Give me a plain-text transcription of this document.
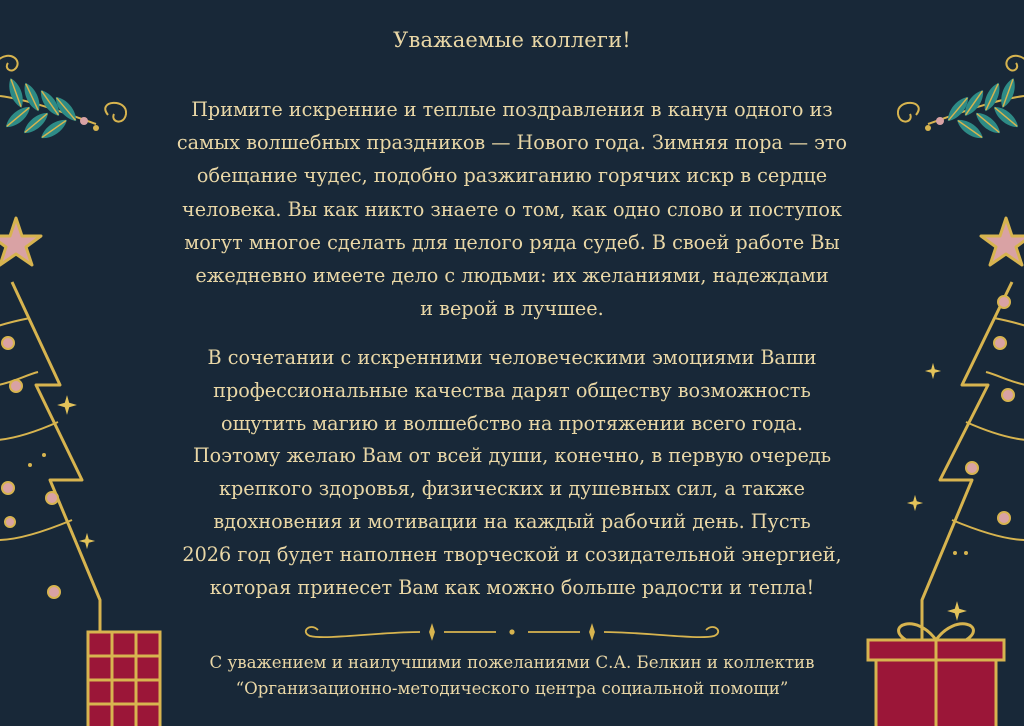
Уважаемые коллеги!
Примите искренние и теплые поздравления в канун одного из
самых волшебных праздников — Нового года. Зимняя пора — это
обещание чудес, подобно разжиганию горячих искр в сердце
человека. Вы как никто знаете о том, как одно слово и поступок
могут многое сделать для целого ряда судеб. В своей работе Вы
ежедневно имеете дело с людьми: их желаниями, надеждами
и верой в лучшее.
В сочетании с искренними человеческими эмоциями Ваши
профессиональные качества дарят обществу возможность
ощутить магию и волшебство на протяжении всего года.
Поэтому желаю Вам от всей души, конечно, в первую очередь
крепкого здоровья, физических и душевных сил, а также
вдохновения и мотивации на каждый рабочий день. Пусть
2026 год будет наполнен творческой и созидательной энергией,
которая принесет Вам как можно больше радости и тепла!
С уважением и наилучшими пожеланиями С.А. Белкин и коллектив
“Организационно-методического центра социальной помощи”
